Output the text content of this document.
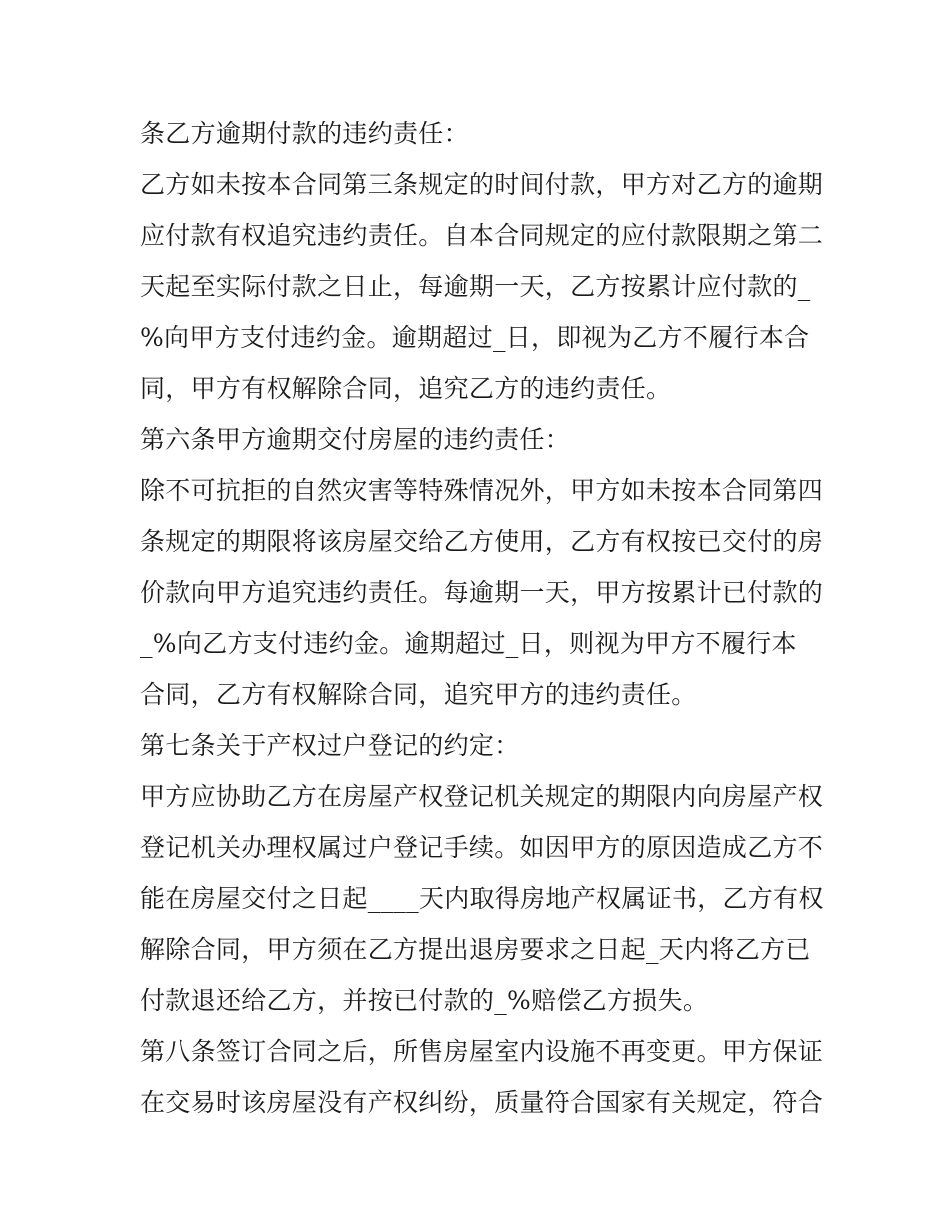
条乙方逾期付款的违约责任：
乙方如未按本合同第三条规定的时间付款，甲方对乙方的逾期
应付款有权追究违约责任。自本合同规定的应付款限期之第二
天起至实际付款之日止，每逾期一天，乙方按累计应付款的_
%向甲方支付违约金。逾期超过_日，即视为乙方不履行本合
同，甲方有权解除合同，追究乙方的违约责任。
第六条甲方逾期交付房屋的违约责任：
除不可抗拒的自然灾害等特殊情况外，甲方如未按本合同第四
条规定的期限将该房屋交给乙方使用，乙方有权按已交付的房
价款向甲方追究违约责任。每逾期一天，甲方按累计已付款的
_%向乙方支付违约金。逾期超过_日，则视为甲方不履行本
合同，乙方有权解除合同，追究甲方的违约责任。
第七条关于产权过户登记的约定：
甲方应协助乙方在房屋产权登记机关规定的期限内向房屋产权
登记机关办理权属过户登记手续。如因甲方的原因造成乙方不
能在房屋交付之日起____天内取得房地产权属证书，乙方有权
解除合同，甲方须在乙方提出退房要求之日起_天内将乙方已
付款退还给乙方，并按已付款的_%赔偿乙方损失。
第八条签订合同之后，所售房屋室内设施不再变更。甲方保证
在交易时该房屋没有产权纠纷，质量符合国家有关规定，符合
